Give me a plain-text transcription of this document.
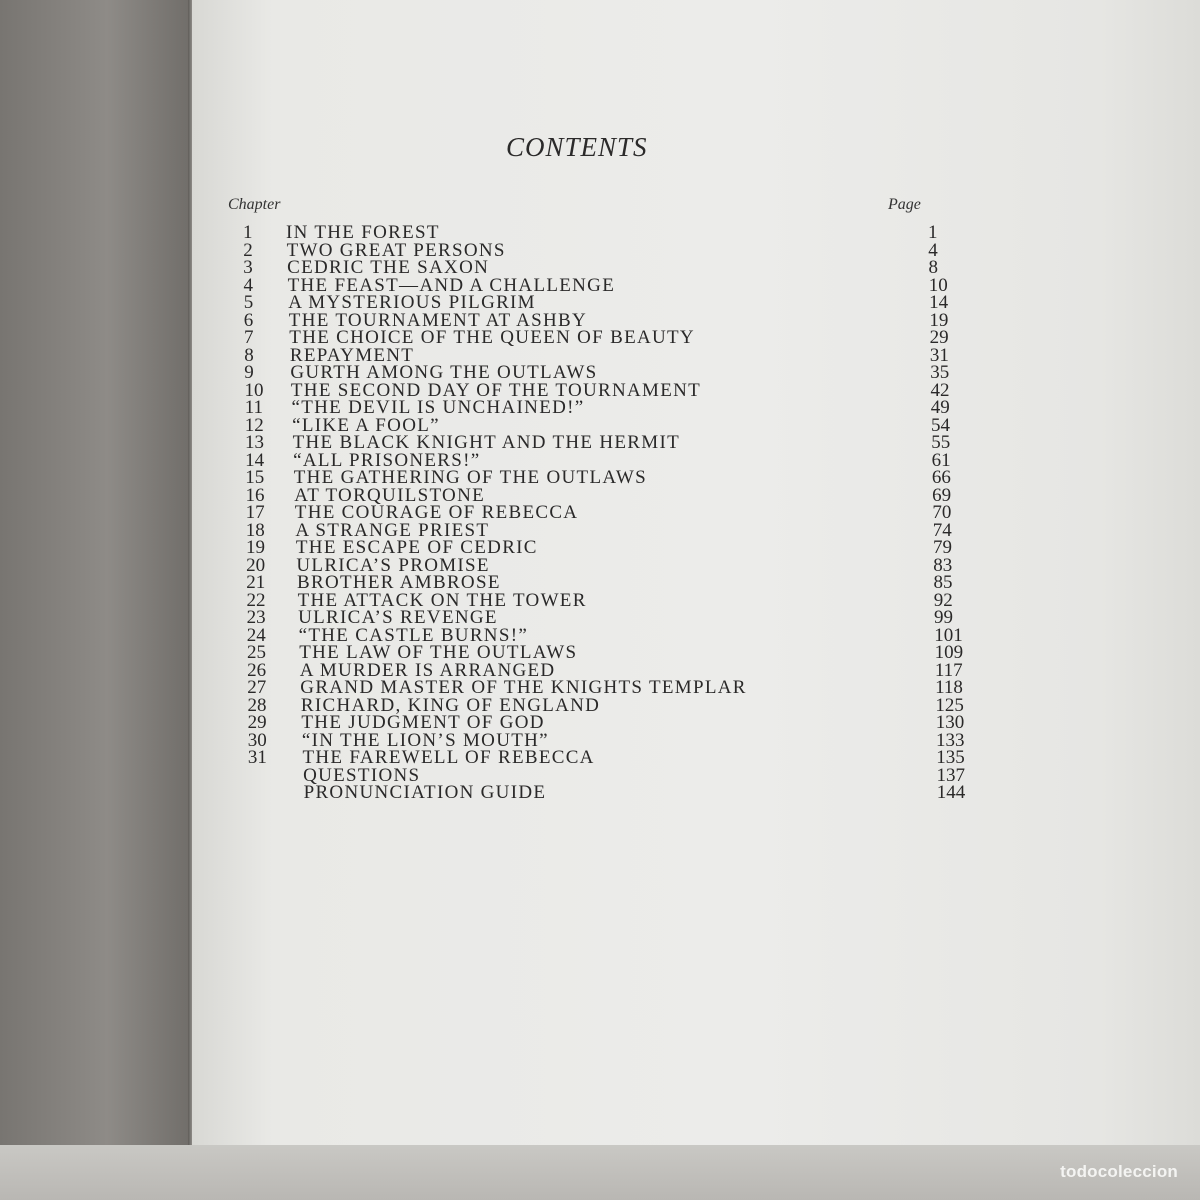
CONTENTS
Chapter	Page
1 IN THE FOREST
2 TWO GREAT PERSONS
3 CEDRIC THE SAXON
4 THE FEAST—AND A CHALLENGE
5 A MYSTERIOUS PILGRIM
6 THE TOURNAMENT AT ASHBY
7 THE CHOICE OF THE QUEEN OF BEAUTY
8 REPAYMENT
9 GURTH AMONG THE OUTLAWS
10 THE SECOND DAY OF THE TOURNAMENT
11 “THE DEVIL IS UNCHAINED!”
12 “LIKE A FOOL”
13 THE BLACK KNIGHT AND THE HERMIT
14 “ALL PRISONERS!”
15 THE GATHERING OF THE OUTLAWS
16 AT TORQUILSTONE
17 THE COURAGE OF REBECCA
18 A STRANGE PRIEST
19 THE ESCAPE OF CEDRIC
20 ULRICA’S PROMISE
21 BROTHER AMBROSE
22 THE ATTACK ON THE TOWER
23 ULRICA’S REVENGE
24 “THE CASTLE BURNS!”
25 THE LAW OF THE OUTLAWS
26 A MURDER IS ARRANGED
27 GRAND MASTER OF THE KNIGHTS TEMPLAR
28 RICHARD, KING OF ENGLAND
29 THE JUDGMENT OF GOD
30 “IN THE LION’S MOUTH”
31 THE FAREWELL OF REBECCA
QUESTIONS
PRONUNCIATION GUIDE
todocoleccion
